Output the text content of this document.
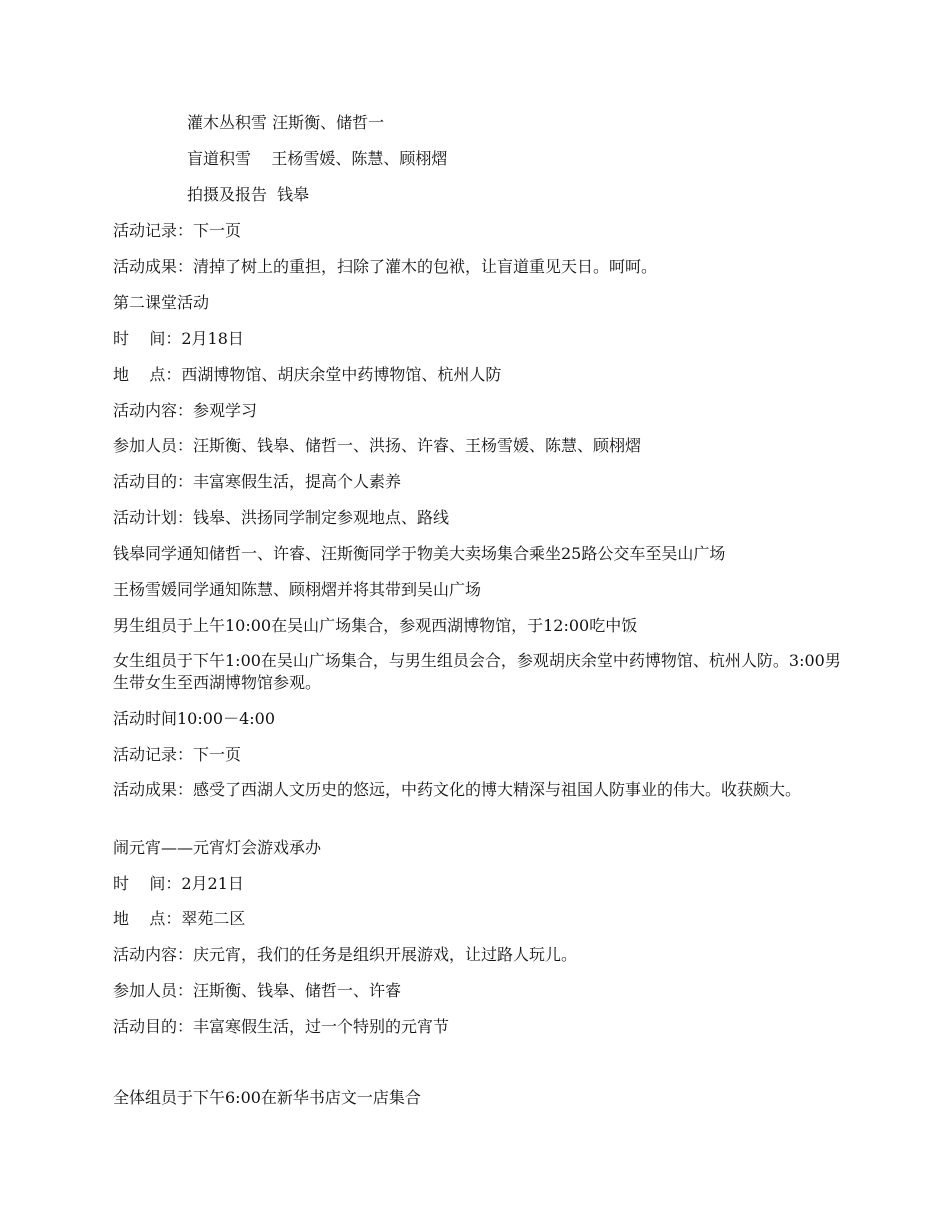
灌木丛积雪 汪斯衡、储哲一
盲道积雪    王杨雪媛、陈慧、顾栩熠
拍摄及报告  钱皋
活动记录：下一页
活动成果：清掉了树上的重担，扫除了灌木的包袱，让盲道重见天日。呵呵。
第二课堂活动
时    间：2月18日
地    点：西湖博物馆、胡庆余堂中药博物馆、杭州人防
活动内容：参观学习
参加人员：汪斯衡、钱皋、储哲一、洪扬、许睿、王杨雪媛、陈慧、顾栩熠
活动目的：丰富寒假生活，提高个人素养
活动计划：钱皋、洪扬同学制定参观地点、路线
钱皋同学通知储哲一、许睿、汪斯衡同学于物美大卖场集合乘坐25路公交车至吴山广场
王杨雪媛同学通知陈慧、顾栩熠并将其带到吴山广场
男生组员于上午10:00在吴山广场集合，参观西湖博物馆，于12:00吃中饭
女生组员于下午1:00在吴山广场集合，与男生组员会合，参观胡庆余堂中药博物馆、杭州人防。3:00男生带女生至西湖博物馆参观。
活动时间10:00－4:00
活动记录：下一页
活动成果：感受了西湖人文历史的悠远，中药文化的博大精深与祖国人防事业的伟大。收获颇大。
闹元宵——元宵灯会游戏承办
时    间：2月21日
地    点：翠苑二区
活动内容：庆元宵，我们的任务是组织开展游戏，让过路人玩儿。
参加人员：汪斯衡、钱皋、储哲一、许睿
活动目的：丰富寒假生活，过一个特别的元宵节
全体组员于下午6:00在新华书店文一店集合
